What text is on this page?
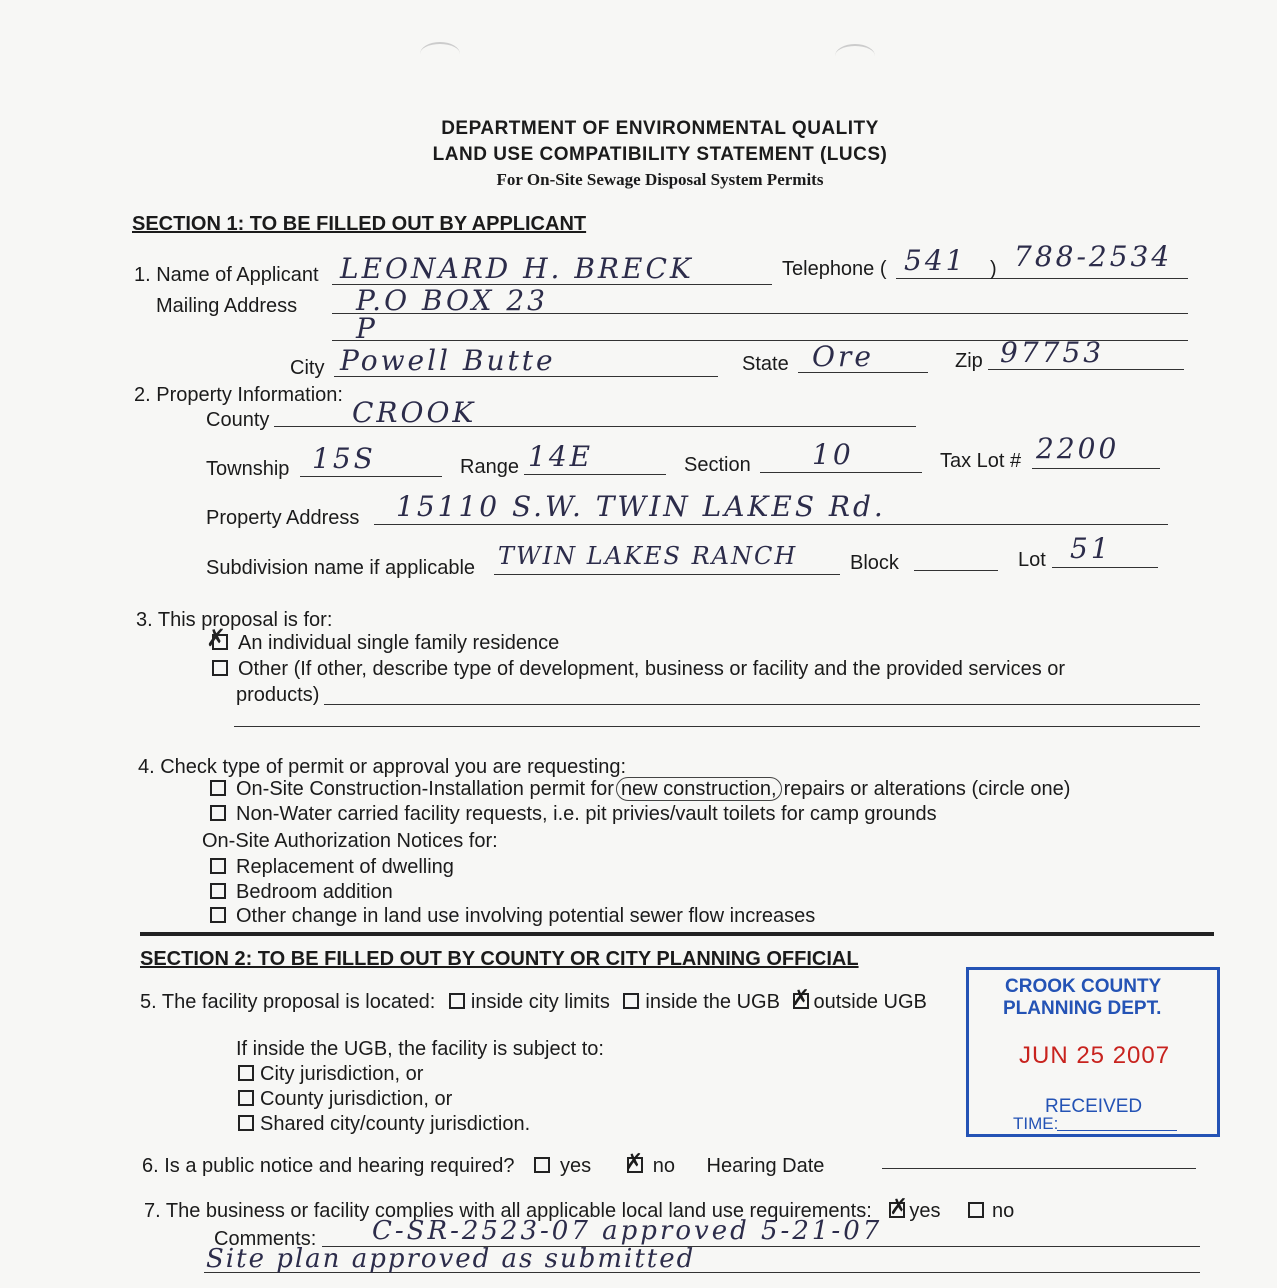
DEPARTMENT OF ENVIRONMENTAL QUALITY
LAND USE COMPATIBILITY STATEMENT (LUCS)
For On-Site Sewage Disposal System Permits
SECTION 1: TO BE FILLED OUT BY APPLICANT
1. Name of Applicant LEONARD H. BRECK	Telephone ( 541 ) 788-2534
Mailing Address P.O BOX 23
P
City Powell Butte	State Ore	Zip 97753
2. Property Information:
County	CROOK
Township 15S	Range 14E	Section 10	Tax Lot # 2200
Property Address 15110 S.W. TWIN LAKES Rd.
Subdivision name if applicable TWIN LAKES RANCH	Block	Lot 51
3. This proposal is for:
✗ An individual single family residence
Other (If other, describe type of development, business or facility and the provided services or
products)
4. Check type of permit or approval you are requesting:
On-Site Construction-Installation permit for new construction, repairs or alterations (circle one)
Non-Water carried facility requests, i.e. pit privies/vault toilets for camp grounds
On-Site Authorization Notices for:
Replacement of dwelling
Bedroom addition
Other change in land use involving potential sewer flow increases
SECTION 2: TO BE FILLED OUT BY COUNTY OR CITY PLANNING OFFICIAL
5. The facility proposal is located: inside city limits inside the UGB ✗ outside UGB
If inside the UGB, the facility is subject to:
City jurisdiction, or
County jurisdiction, or
Shared city/county jurisdiction.
CROOK COUNTY
PLANNING DEPT.
JUN 25 2007
RECEIVED
TIME:
6. Is a public notice and hearing required? yes ✗ no Hearing Date
7. The business or facility complies with all applicable local land use requirements: ✗ yes	no
Comments: C-SR-2523-07 approved 5-21-07
Site plan approved as submitted
